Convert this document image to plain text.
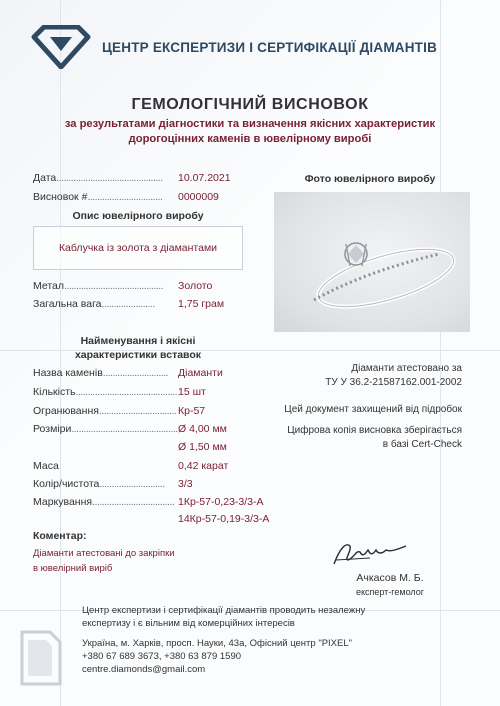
ЦЕНТР ЕКСПЕРТИЗИ І СЕРТИФІКАЦІЇ ДІАМАНТІВ
ГЕМОЛОГІЧНИЙ ВИСНОВОК
за результатами діагностики та визначення якісних характеристик
дорогоцінних каменів в ювелірному виробі
Дата............................................ 10.07.2021
Висновок #............................... 0000009
Опис ювелірного виробу
Каблучка із золота з діамантами
Метал......................................... Золото
Загальна вага...................... 1,75 грам
Найменування і якісні
характеристики вставок
Назва каменів........................... Діаманти
Кількість.......................................... 15 шт
Огранювання................................ Кр-57
Розміри............................................ Ø 4,00 мм
Ø 1,50 мм
Маса	0,42 карат
Колір/чистота........................... 3/3
Маркування.................................. 1Кр-57-0,23-3/3-А
14Кр-57-0,19-3/3-А
Фото ювелірного виробу
Діаманти атестовано за
ТУ У 36.2-21587162.001-2002
Цей документ захищений від підробок
Цифрова копія висновка зберігається
в базі Cert-Check
Коментар:
Діаманти атестовані до закріпки
в ювелірний виріб
Ачкасов М. Б.
експерт-гемолог
Центр експертизи і сертифікації діамантів проводить незалежну
експертизу і є вільним від комерційних інтересів
Україна, м. Харків, просп. Науки, 43а, Офісний центр "PIXEL"
+380 67 689 3673, +380 63 879 1590
centre.diamonds@gmail.com
